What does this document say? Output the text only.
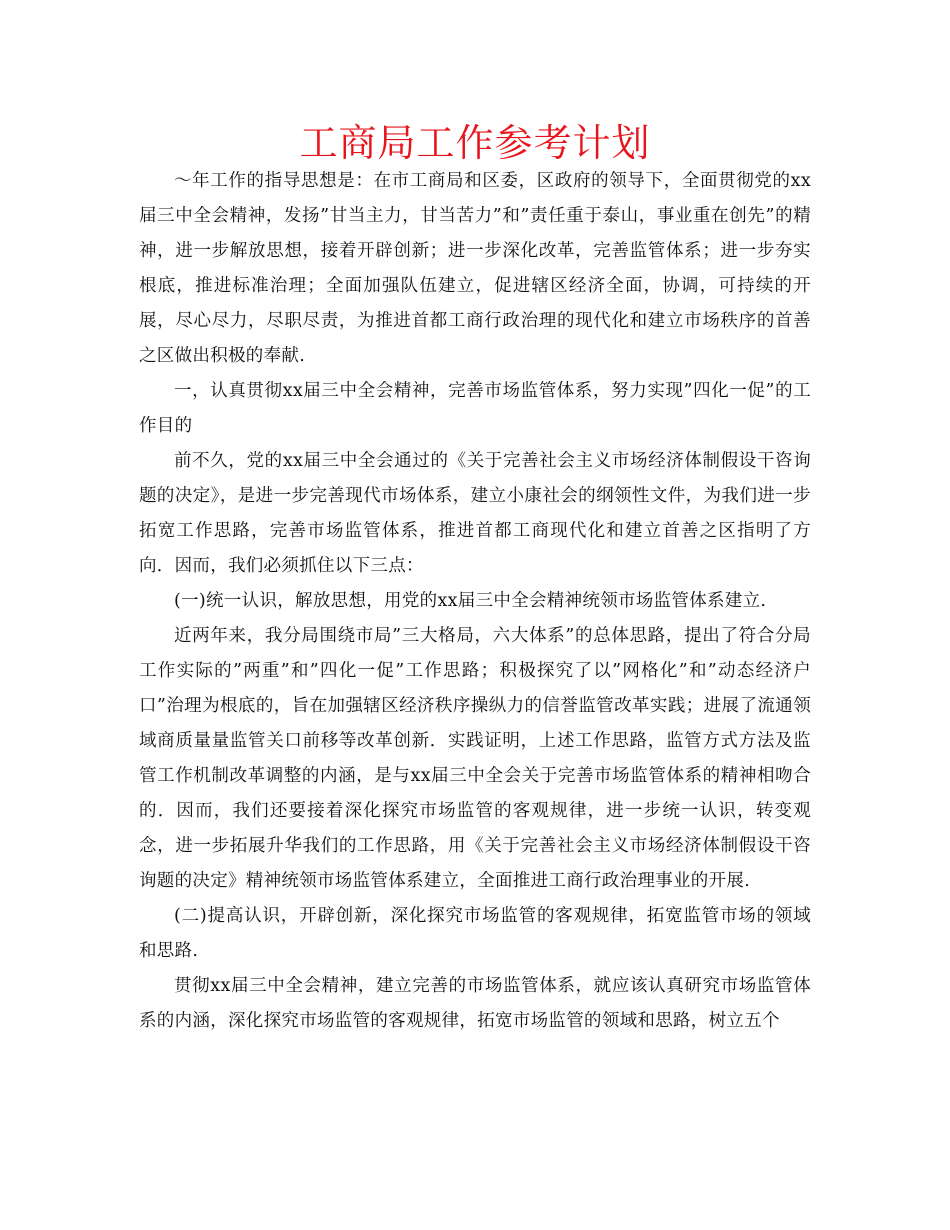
工商局工作参考计划

～年工作的指导思想是：在市工商局和区委，区政府的领导下，全面贯彻党的xx届三中全会精神，发扬”甘当主力，甘当苦力”和”责任重于泰山，事业重在创先”的精神，进一步解放思想，接着开辟创新；进一步深化改革，完善监管体系；进一步夯实根底，推进标准治理；全面加强队伍建立，促进辖区经济全面，协调，可持续的开展，尽心尽力，尽职尽责，为推进首都工商行政治理的现代化和建立市场秩序的首善之区做出积极的奉献.

一，认真贯彻xx届三中全会精神，完善市场监管体系，努力实现”四化一促”的工作目的

前不久，党的xx届三中全会通过的《关于完善社会主义市场经济体制假设干咨询题的决定》，是进一步完善现代市场体系，建立小康社会的纲领性文件，为我们进一步拓宽工作思路，完善市场监管体系，推进首都工商现代化和建立首善之区指明了方向．因而，我们必须抓住以下三点：

(一)统一认识，解放思想，用党的xx届三中全会精神统领市场监管体系建立.

近两年来，我分局围绕市局”三大格局，六大体系”的总体思路，提出了符合分局工作实际的”两重”和”四化一促”工作思路；积极探究了以”网格化”和”动态经济户口”治理为根底的，旨在加强辖区经济秩序操纵力的信誉监管改革实践；进展了流通领域商质量量监管关口前移等改革创新．实践证明，上述工作思路，监管方式方法及监管工作机制改革调整的内涵，是与xx届三中全会关于完善市场监管体系的精神相吻合的．因而，我们还要接着深化探究市场监管的客观规律，进一步统一认识，转变观念，进一步拓展升华我们的工作思路，用《关于完善社会主义市场经济体制假设干咨询题的决定》精神统领市场监管体系建立，全面推进工商行政治理事业的开展.

(二)提高认识，开辟创新，深化探究市场监管的客观规律，拓宽监管市场的领域和思路.

贯彻xx届三中全会精神，建立完善的市场监管体系，就应该认真研究市场监管体系的内涵，深化探究市场监管的客观规律，拓宽市场监管的领域和思路，树立五个
